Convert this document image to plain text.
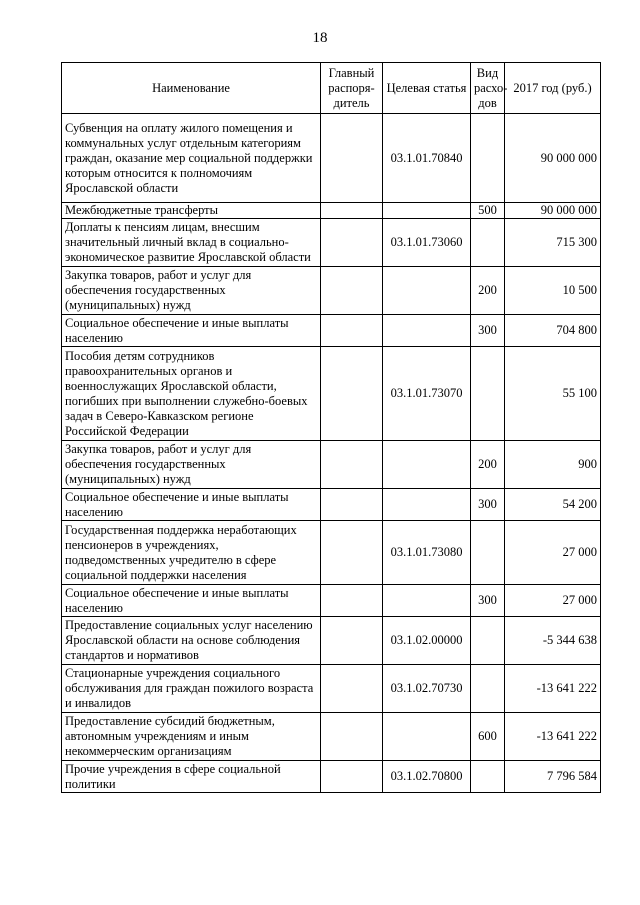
18
Наименование	Главный распоря-дитель	Целевая статья	Вид расхо-дов	2017 год (руб.)
Субвенция на оплату жилого помещения и коммунальных услуг отдельным категориям граждан, оказание мер социальной поддержки которым относится к полномочиям Ярославской области		03.1.01.70840		90 000 000
Межбюджетные трансферты			500	90 000 000
Доплаты к пенсиям лицам, внесшим значительный личный вклад в социально-экономическое развитие Ярославской области		03.1.01.73060		715 300
Закупка товаров, работ и услуг для обеспечения государственных (муниципальных) нужд			200	10 500
Социальное обеспечение и иные выплаты населению			300	704 800
Пособия детям сотрудников правоохранительных органов и военнослужащих Ярославской области, погибших при выполнении служебно-боевых задач в Северо-Кавказском регионе Российской Федерации		03.1.01.73070		55 100
Закупка товаров, работ и услуг для обеспечения государственных (муниципальных) нужд			200	900
Социальное обеспечение и иные выплаты населению			300	54 200
Государственная поддержка неработающих пенсионеров в учреждениях, подведомственных учредителю в сфере социальной поддержки населения		03.1.01.73080		27 000
Социальное обеспечение и иные выплаты населению			300	27 000
Предоставление социальных услуг населению Ярославской области на основе соблюдения стандартов и нормативов		03.1.02.00000		-5 344 638
Стационарные учреждения социального обслуживания для граждан пожилого возраста и инвалидов		03.1.02.70730		-13 641 222
Предоставление субсидий бюджетным, автономным учреждениям и иным некоммерческим организациям			600	-13 641 222
Прочие учреждения в сфере социальной политики		03.1.02.70800		7 796 584
